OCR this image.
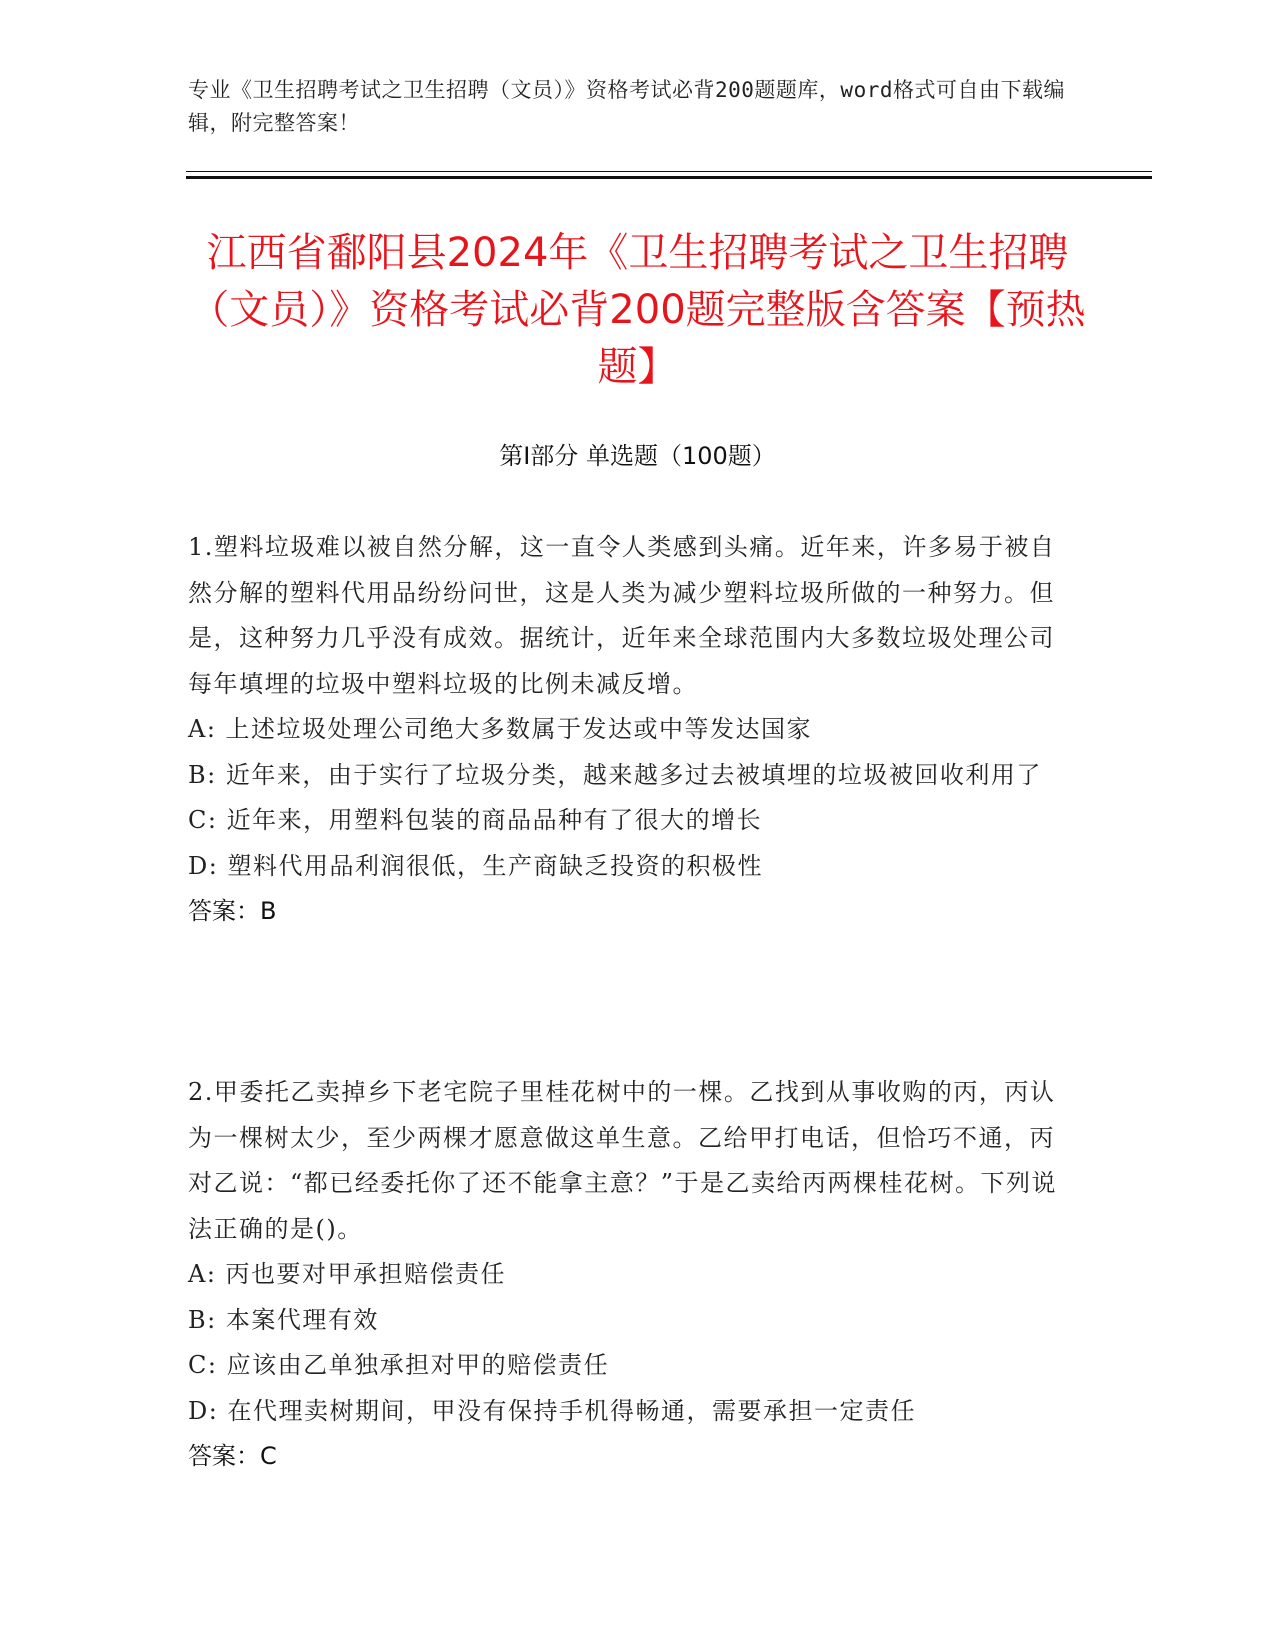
专业《卫生招聘考试之卫生招聘（文员）》资格考试必背200题题库，word格式可自由下载编辑，附完整答案！
江西省鄱阳县2024年《卫生招聘考试之卫生招聘（文员）》资格考试必背200题完整版含答案【预热题】
第Ⅰ部分 单选题（100题）

1.塑料垃圾难以被自然分解，这一直令人类感到头痛。近年来，许多易于被自然分解的塑料代用品纷纷问世，这是人类为减少塑料垃圾所做的一种努力。但是，这种努力几乎没有成效。据统计，近年来全球范围内大多数垃圾处理公司每年填埋的垃圾中塑料垃圾的比例未减反增。

A: 上述垃圾处理公司绝大多数属于发达或中等发达国家

B: 近年来，由于实行了垃圾分类，越来越多过去被填埋的垃圾被回收利用了

C: 近年来，用塑料包装的商品品种有了很大的增长

D: 塑料代用品利润很低，生产商缺乏投资的积极性

答案：B

2.甲委托乙卖掉乡下老宅院子里桂花树中的一棵。乙找到从事收购的丙，丙认为一棵树太少，至少两棵才愿意做这单生意。乙给甲打电话，但恰巧不通，丙对乙说：“都已经委托你了还不能拿主意？”于是乙卖给丙两棵桂花树。下列说法正确的是()。

A: 丙也要对甲承担赔偿责任

B: 本案代理有效

C: 应该由乙单独承担对甲的赔偿责任

D: 在代理卖树期间，甲没有保持手机得畅通，需要承担一定责任

答案：C
